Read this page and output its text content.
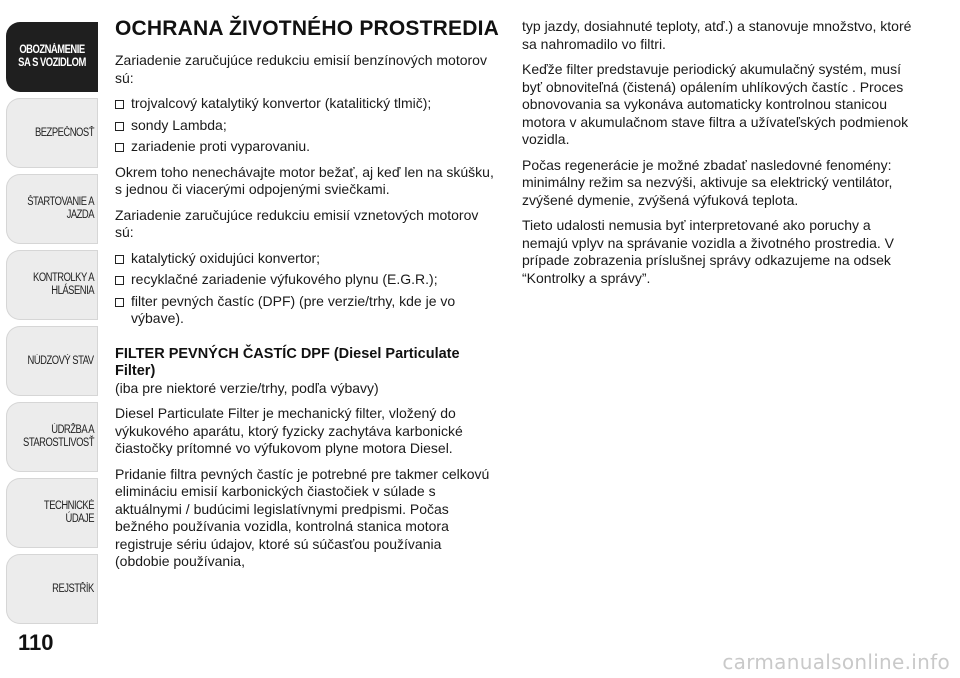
OBOZNÁMENIE SA S VOZIDLOM
BEZPEČNOSŤ
ŠTARTOVANIE A JAZDA
KONTROLKY A HLÁSENIA
NÚDZOVÝ STAV
ÚDRŽBA A STAROSTLIVOSŤ
TECHNICKÉ ÚDAJE
REJSTŘÍK
110
OCHRANA ŽIVOTNÉHO PROSTREDIA

Zariadenie zaručujúce redukciu emisií benzínových motorov sú:

trojvalcový katalytiký konvertor (katalitický tlmič);
sondy Lambda;
zariadenie proti vyparovaniu.

Okrem toho nenechávajte motor bežať, aj keď len na skúšku, s jednou či viacerými odpojenými sviečkami.

Zariadenie zaručujúce redukciu emisií vznetových motorov sú:

katalytický oxidujúci konvertor;
recyklačné zariadenie výfukového plynu (E.G.R.);
filter pevných častíc (DPF) (pre verzie/trhy, kde je vo výbave).
FILTER PEVNÝCH ČASTÍC DPF (Diesel Particulate Filter)

(iba pre niektoré verzie/trhy, podľa výbavy)

Diesel Particulate Filter je mechanický filter, vložený do výkukového aparátu, ktorý fyzicky zachytáva karbonické čiastočky prítomné vo výfukovom plyne motora Diesel.

Pridanie filtra pevných častíc je potrebné pre takmer celkovú elimináciu emisií karbonických čiastočiek v súlade s aktuálnymi / budúcimi legislatívnymi predpismi. Počas bežného používania vozidla, kontrolná stanica motora registruje sériu údajov, ktoré sú súčasťou používania (obdobie používania,

typ jazdy, dosiahnuté teploty, atď.) a stanovuje množstvo, ktoré sa nahromadilo vo filtri.

Keďže filter predstavuje periodický akumulačný systém, musí byť obnoviteľná (čistená) opálením uhlíkových častíc . Proces obnovovania sa vykonáva automaticky kontrolnou stanicou motora v akumulačnom stave filtra a užívateľských podmienok vozidla.

Počas regenerácie je možné zbadať nasledovné fenomény: minimálny režim sa nezvýši, aktivuje sa elektrický ventilátor, zvýšené dymenie, zvýšená výfuková teplota.

Tieto udalosti nemusia byť interpretované ako poruchy a nemajú vplyv na správanie vozidla a životného prostredia. V prípade zobrazenia príslušnej správy odkazujeme na odsek “Kontrolky a správy”.

carmanualsonline.info
